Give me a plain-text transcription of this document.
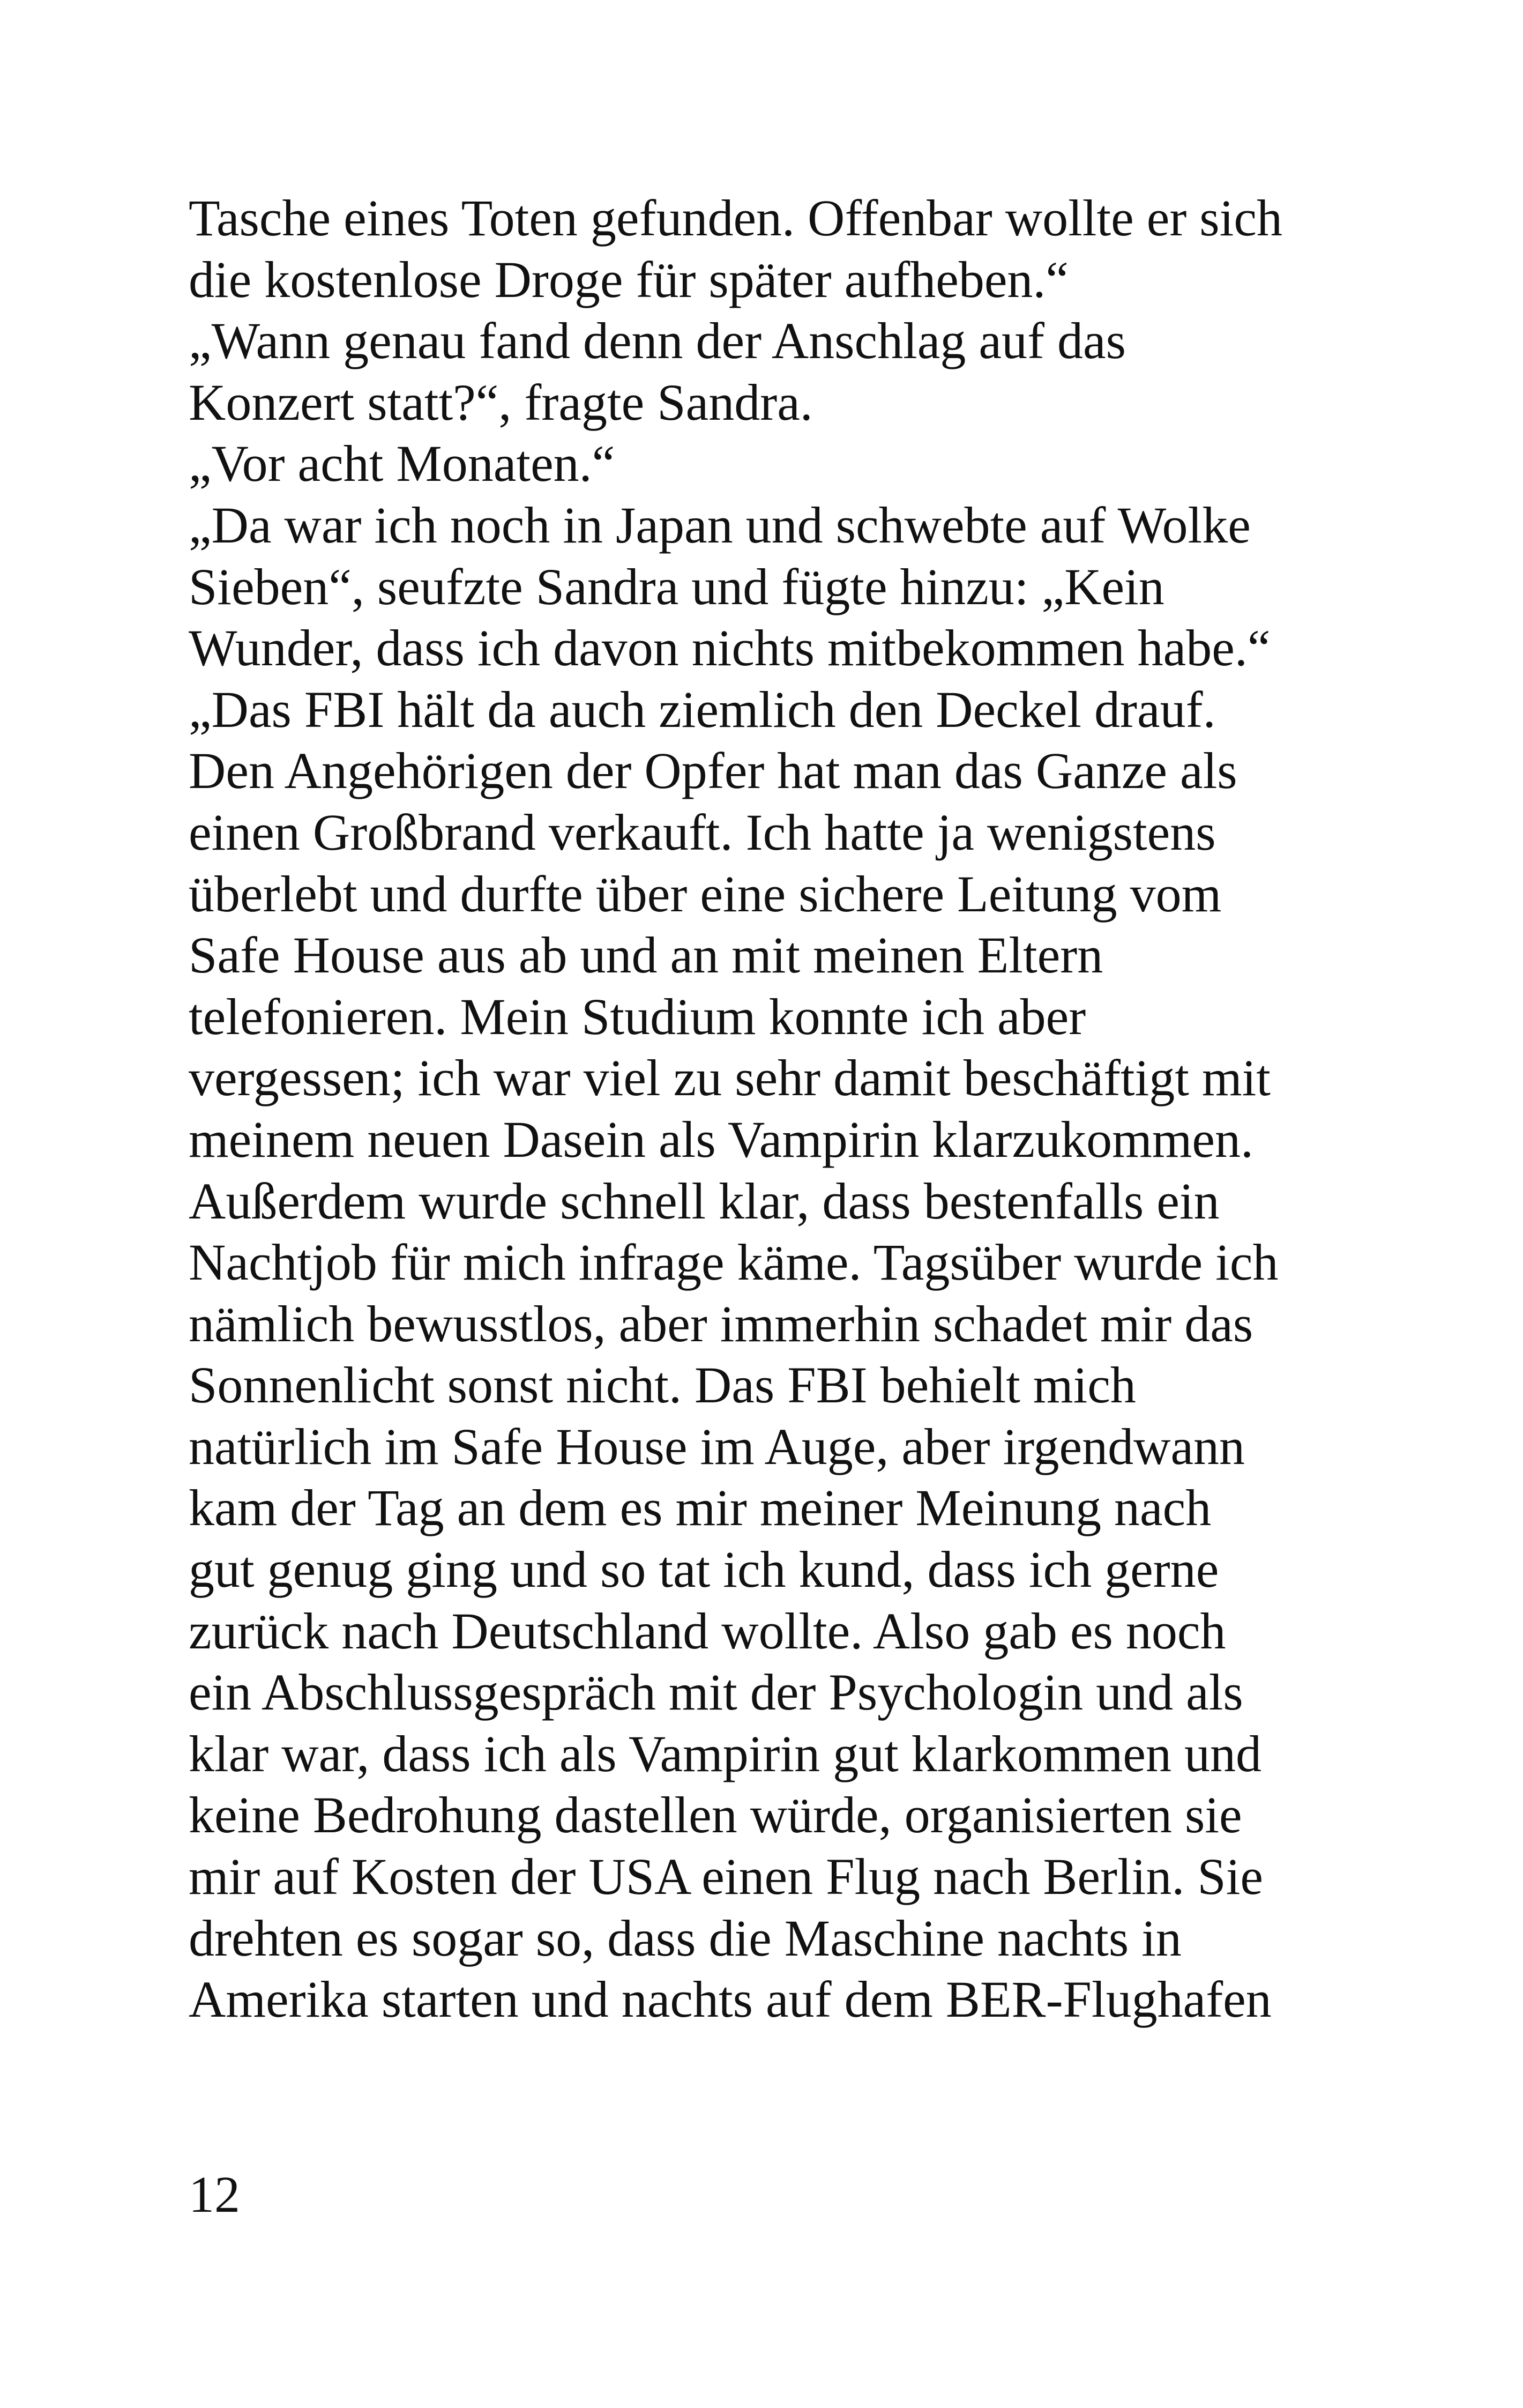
Tasche eines Toten gefunden. Offenbar wollte er sich
die kostenlose Droge für später aufheben.“
„Wann genau fand denn der Anschlag auf das
Konzert statt?“, fragte Sandra.
„Vor acht Monaten.“
„Da war ich noch in Japan und schwebte auf Wolke
Sieben“, seufzte Sandra und fügte hinzu: „Kein
Wunder, dass ich davon nichts mitbekommen habe.“
„Das FBI hält da auch ziemlich den Deckel drauf.
Den Angehörigen der Opfer hat man das Ganze als
einen Großbrand verkauft. Ich hatte ja wenigstens
überlebt und durfte über eine sichere Leitung vom
Safe House aus ab und an mit meinen Eltern
telefonieren. Mein Studium konnte ich aber
vergessen; ich war viel zu sehr damit beschäftigt mit
meinem neuen Dasein als Vampirin klarzukommen.
Außerdem wurde schnell klar, dass bestenfalls ein
Nachtjob für mich infrage käme. Tagsüber wurde ich
nämlich bewusstlos, aber immerhin schadet mir das
Sonnenlicht sonst nicht. Das FBI behielt mich
natürlich im Safe House im Auge, aber irgendwann
kam der Tag an dem es mir meiner Meinung nach
gut genug ging und so tat ich kund, dass ich gerne
zurück nach Deutschland wollte. Also gab es noch
ein Abschlussgespräch mit der Psychologin und als
klar war, dass ich als Vampirin gut klarkommen und
keine Bedrohung dastellen würde, organisierten sie
mir auf Kosten der USA einen Flug nach Berlin. Sie
drehten es sogar so, dass die Maschine nachts in
Amerika starten und nachts auf dem BER-Flughafen
12
